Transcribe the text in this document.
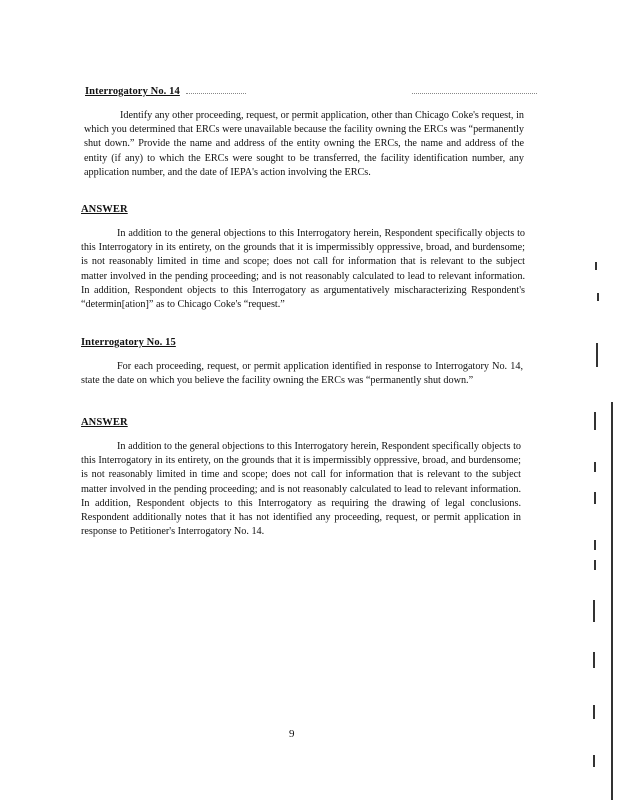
Interrogatory No. 14
Identify any other proceeding, request, or permit application, other than Chicago Coke's request, in which you determined that ERCs were unavailable because the facility owning the ERCs was “permanently shut down.” Provide the name and address of the entity owning the ERCs, the name and address of the entity (if any) to which the ERCs were sought to be transferred, the facility identification number, any application number, and the date of IEPA's action involving the ERCs.
ANSWER
In addition to the general objections to this Interrogatory herein, Respondent specifically objects to this Interrogatory in its entirety, on the grounds that it is impermissibly oppressive, broad, and burdensome; is not reasonably limited in time and scope; does not call for information that is relevant to the subject matter involved in the pending proceeding; and is not reasonably calculated to lead to relevant information. In addition, Respondent objects to this Interrogatory as argumentatively mischaracterizing Respondent's “determin[ation]” as to Chicago Coke's “request.”
Interrogatory No. 15
For each proceeding, request, or permit application identified in response to Interrogatory No. 14, state the date on which you believe the facility owning the ERCs was “permanently shut down.”
ANSWER
In addition to the general objections to this Interrogatory herein, Respondent specifically objects to this Interrogatory in its entirety, on the grounds that it is impermissibly oppressive, broad, and burdensome; is not reasonably limited in time and scope; does not call for information that is relevant to the subject matter involved in the pending proceeding; and is not reasonably calculated to lead to relevant information. In addition, Respondent objects to this Interrogatory as requiring the drawing of legal conclusions. Respondent additionally notes that it has not identified any proceeding, request, or permit application in response to Petitioner's Interrogatory No. 14.
9
